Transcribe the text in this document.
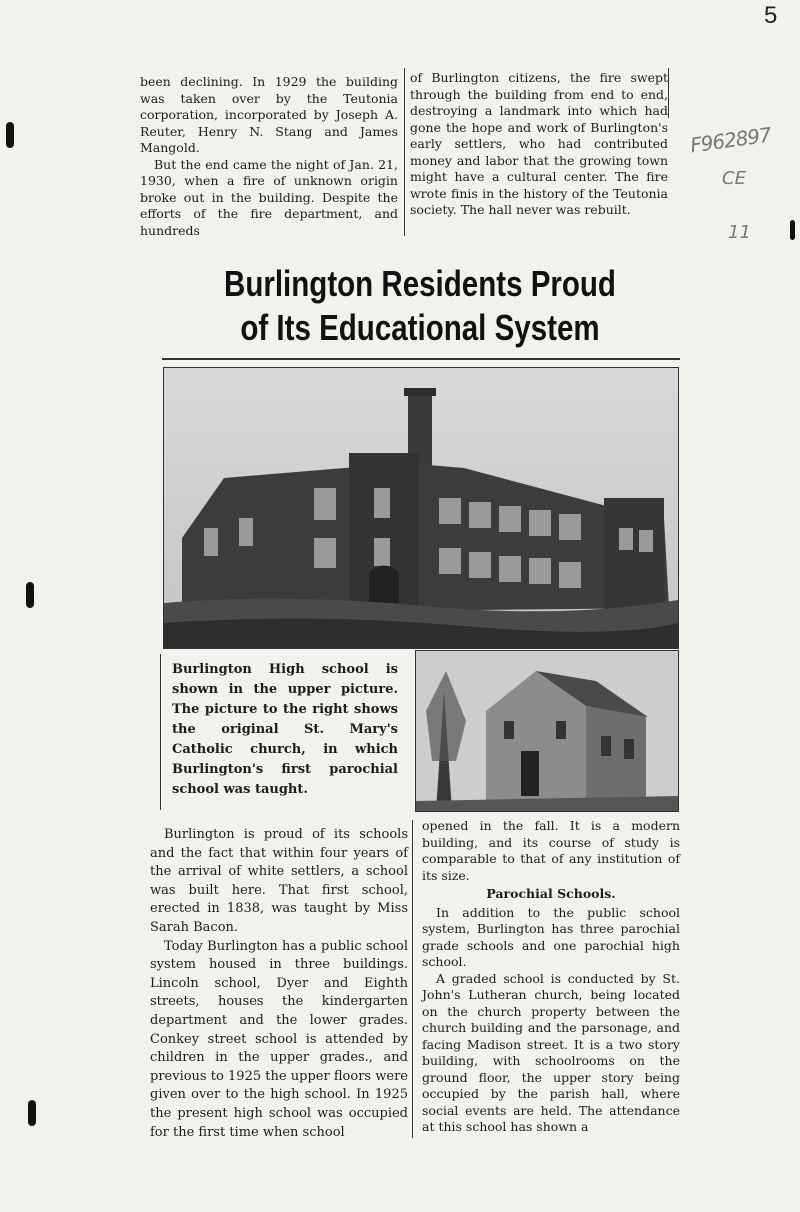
5
F962897
CE
11

been declining. In 1929 the building was taken over by the Teutonia corporation, incorporated by Joseph A. Reuter, Henry N. Stang and James Mangold.

But the end came the night of Jan. 21, 1930, when a fire of unknown origin broke out in the building. Despite the efforts of the fire department, and hundreds

of Burlington citizens, the fire swept through the building from end to end, destroying a landmark into which had gone the hope and work of Burlington's early settlers, who had contributed money and labor that the growing town might have a cultural center. The fire wrote finis in the history of the Teutonia society. The hall never was rebuilt.

Burlington Residents Proud
of Its Educational System
Burlington High school is shown in the upper picture. The picture to the right shows the original St. Mary's Catholic church, in which Burlington's first parochial school was taught.

Burlington is proud of its schools and the fact that within four years of the arrival of white settlers, a school was built here. That first school, erected in 1838, was taught by Miss Sarah Bacon.

Today Burlington has a public school system housed in three buildings. Lincoln school, Dyer and Eighth streets, houses the kindergarten department and the lower grades. Conkey street school is attended by children in the upper grades., and previous to 1925 the upper floors were given over to the high school. In 1925 the present high school was occupied for the first time when school

opened in the fall. It is a modern building, and its course of study is comparable to that of any institution of its size.

Parochial Schools.

In addition to the public school system, Burlington has three parochial grade schools and one parochial high school.

A graded school is conducted by St. John's Lutheran church, being located on the church property between the church building and the parsonage, and facing Madison street. It is a two story building, with schoolrooms on the ground floor, the upper story being occupied by the parish hall, where social events are held. The attendance at this school has shown a
